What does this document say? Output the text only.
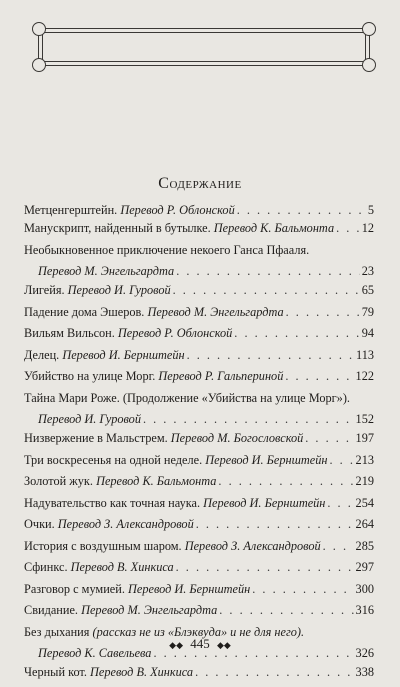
Содержание
Метценгерштейн. Перевод Р. Облонской . . .	5
Манускрипт, найденный в бутылке. Перевод К. Бальмонта . . . 12
Необыкновенное приключение некоего Ганса Пфааля.
Перевод М. Энгельгардта . . .	23
Лигейя. Перевод И. Гуровой . . .	65
Падение дома Эшеров. Перевод М. Энгельгардта . . .	79
Вильям Вильсон. Перевод Р. Облонской . . .	94
Делец. Перевод И. Бернштейн . . .	113
Убийство на улице Морг. Перевод Р. Гальпериной . . .	122
Тайна Мари Роже. (Продолжение «Убийства на улице Морг»).
Перевод И. Гуровой . . .	152
Низвержение в Мальстрем. Перевод М. Богословской . . .	197
Три воскресенья на одной неделе. Перевод И. Бернштейн . . . 213
Золотой жук. Перевод К. Бальмонта . . .	219
Надувательство как точная наука. Перевод И. Бернштейн . . . 254
Очки. Перевод З. Александровой . . .	264
История с воздушным шаром. Перевод З. Александровой . . .	285
Сфинкс. Перевод В. Хинкиса . . .	297
Разговор с мумией. Перевод И. Бернштейн . . .	300
Свидание. Перевод М. Энгельгардта . . .	316
Без дыхания (рассказ не из «Блэквуда» и не для него).
Перевод К. Савельева . . .	326
Черный кот. Перевод В. Хинкиса . . .	338
◆◆ 445 ◆◆
